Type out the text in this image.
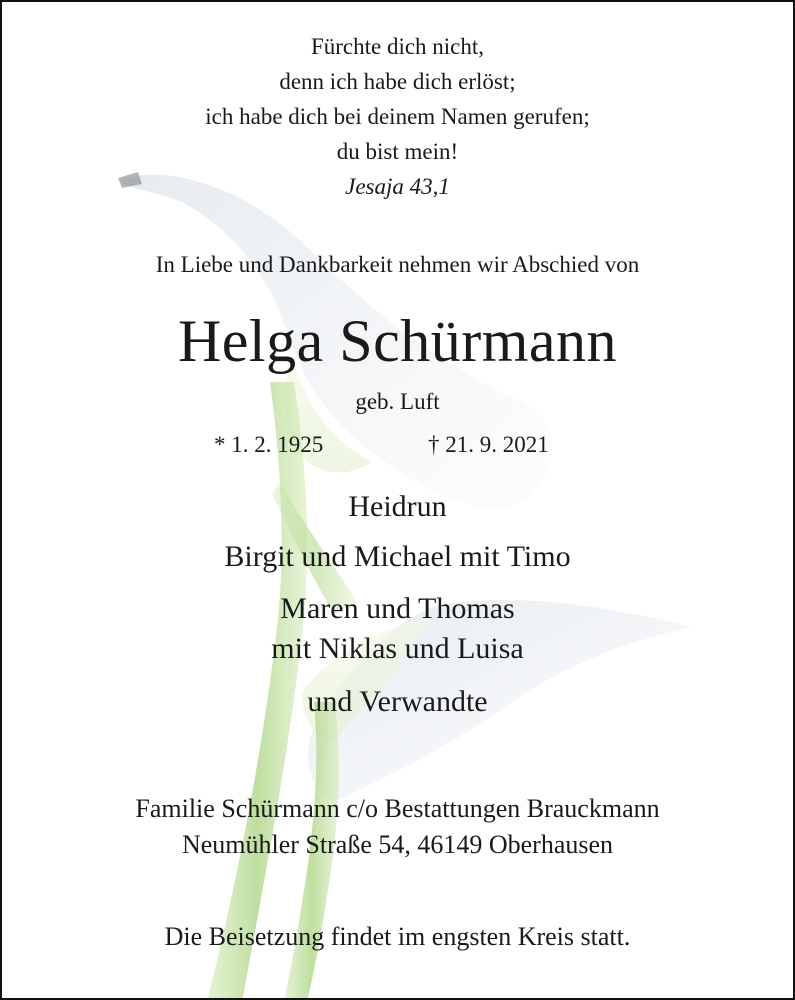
Fürchte dich nicht,
denn ich habe dich erlöst;
ich habe dich bei deinem Namen gerufen;
du bist mein!
Jesaja 43,1
In Liebe und Dankbarkeit nehmen wir Abschied von
Helga Schürmann
geb. Luft
* 1. 2. 1925	† 21. 9. 2021
Heidrun
Birgit und Michael mit Timo
Maren und Thomas
mit Niklas und Luisa
und Verwandte
Familie Schürmann c/o Bestattungen Brauckmann
Neumühler Straße 54, 46149 Oberhausen
Die Beisetzung findet im engsten Kreis statt.
